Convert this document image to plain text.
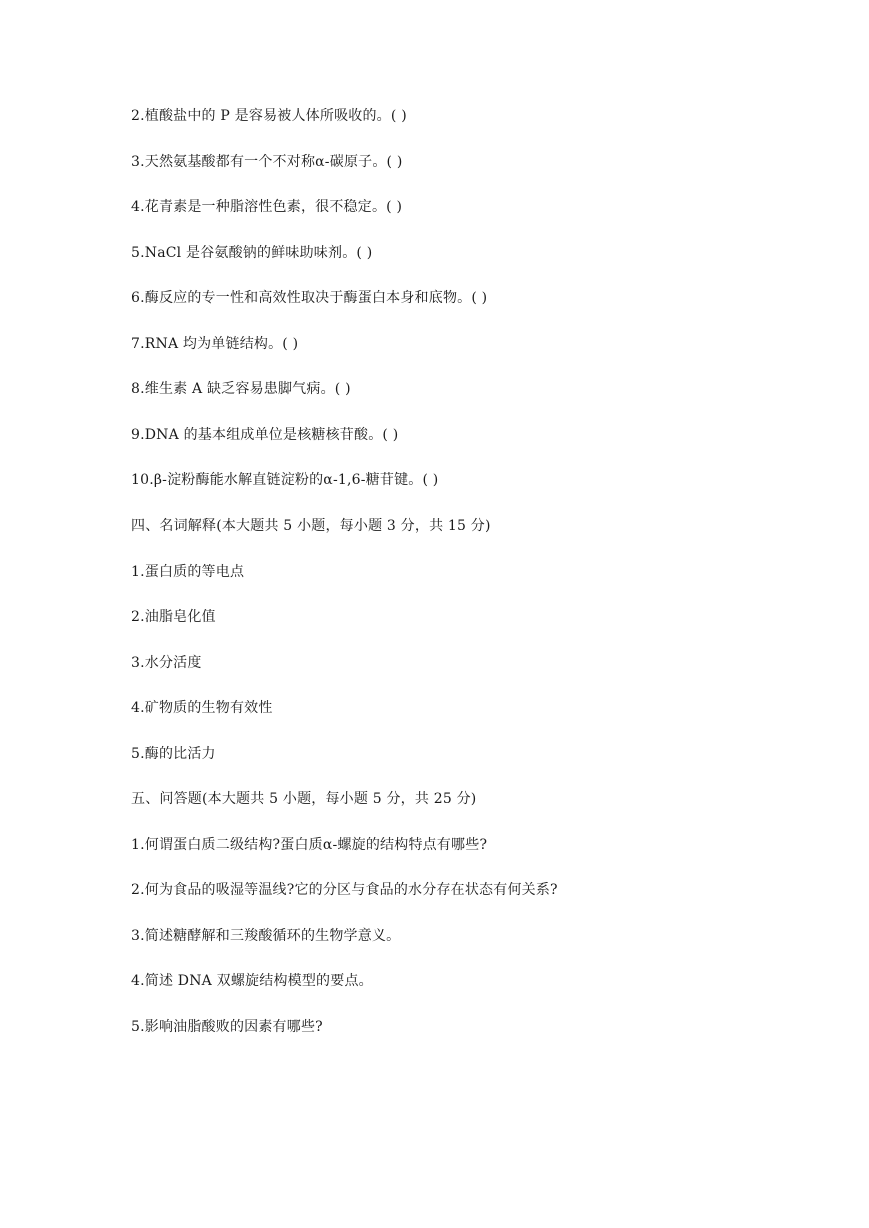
2.植酸盐中的 P 是容易被人体所吸收的。( )
3.天然氨基酸都有一个不对称α-碳原子。( )
4.花青素是一种脂溶性色素，很不稳定。( )
5.NaCl 是谷氨酸钠的鲜味助味剂。( )
6.酶反应的专一性和高效性取决于酶蛋白本身和底物。( )
7.RNA 均为单链结构。( )
8.维生素 A 缺乏容易患脚气病。( )
9.DNA 的基本组成单位是核糖核苷酸。( )
10.β-淀粉酶能水解直链淀粉的α-1,6-糖苷键。( )
四、名词解释(本大题共 5 小题，每小题 3 分，共 15 分)
1.蛋白质的等电点
2.油脂皂化值
3.水分活度
4.矿物质的生物有效性
5.酶的比活力
五、问答题(本大题共 5 小题，每小题 5 分，共 25 分)
1.何谓蛋白质二级结构?蛋白质α-螺旋的结构特点有哪些?
2.何为食品的吸湿等温线?它的分区与食品的水分存在状态有何关系?
3.简述糖酵解和三羧酸循环的生物学意义。
4.简述 DNA 双螺旋结构模型的要点。
5.影响油脂酸败的因素有哪些?
